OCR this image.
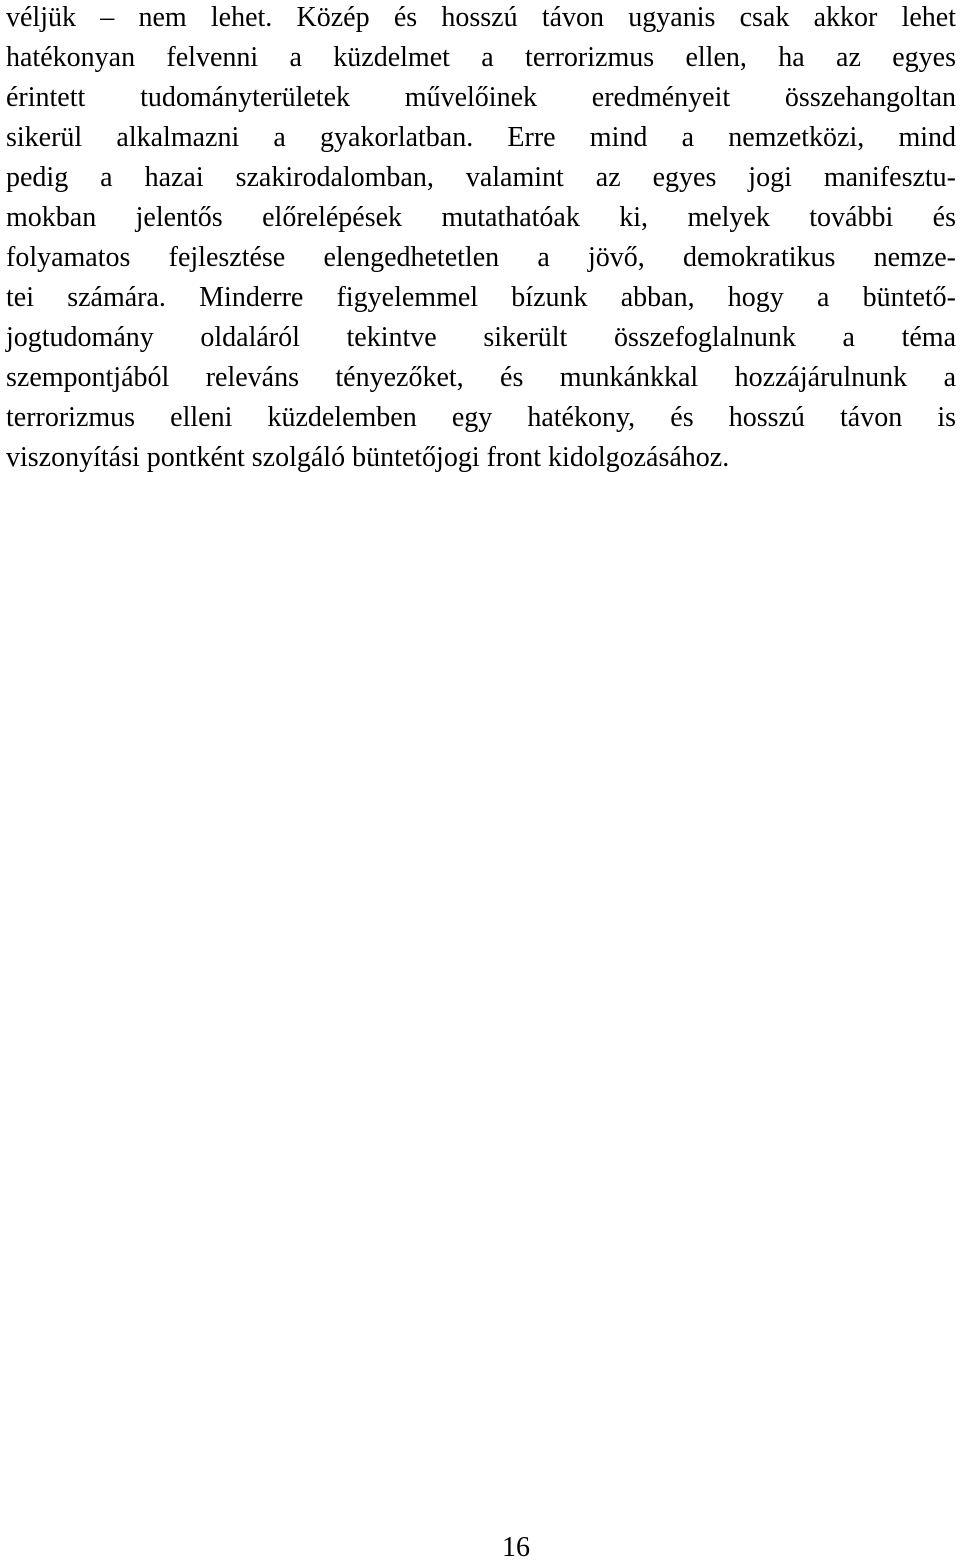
véljük – nem lehet. Közép és hosszú távon ugyanis csak akkor lehet
hatékonyan felvenni a küzdelmet a terrorizmus ellen, ha az egyes
érintett tudományterületek művelőinek eredményeit összehangoltan
sikerül alkalmazni a gyakorlatban. Erre mind a nemzetközi, mind
pedig a hazai szakirodalomban, valamint az egyes jogi manifesztu-
mokban jelentős előrelépések mutathatóak ki, melyek további és
folyamatos fejlesztése elengedhetetlen a jövő, demokratikus nemze-
tei számára. Minderre figyelemmel bízunk abban, hogy a büntető-
jogtudomány oldaláról tekintve sikerült összefoglalnunk a téma
szempontjából releváns tényezőket, és munkánkkal hozzájárulnunk a
terrorizmus elleni küzdelemben egy hatékony, és hosszú távon is
viszonyítási pontként szolgáló büntetőjogi front kidolgozásához.
16
